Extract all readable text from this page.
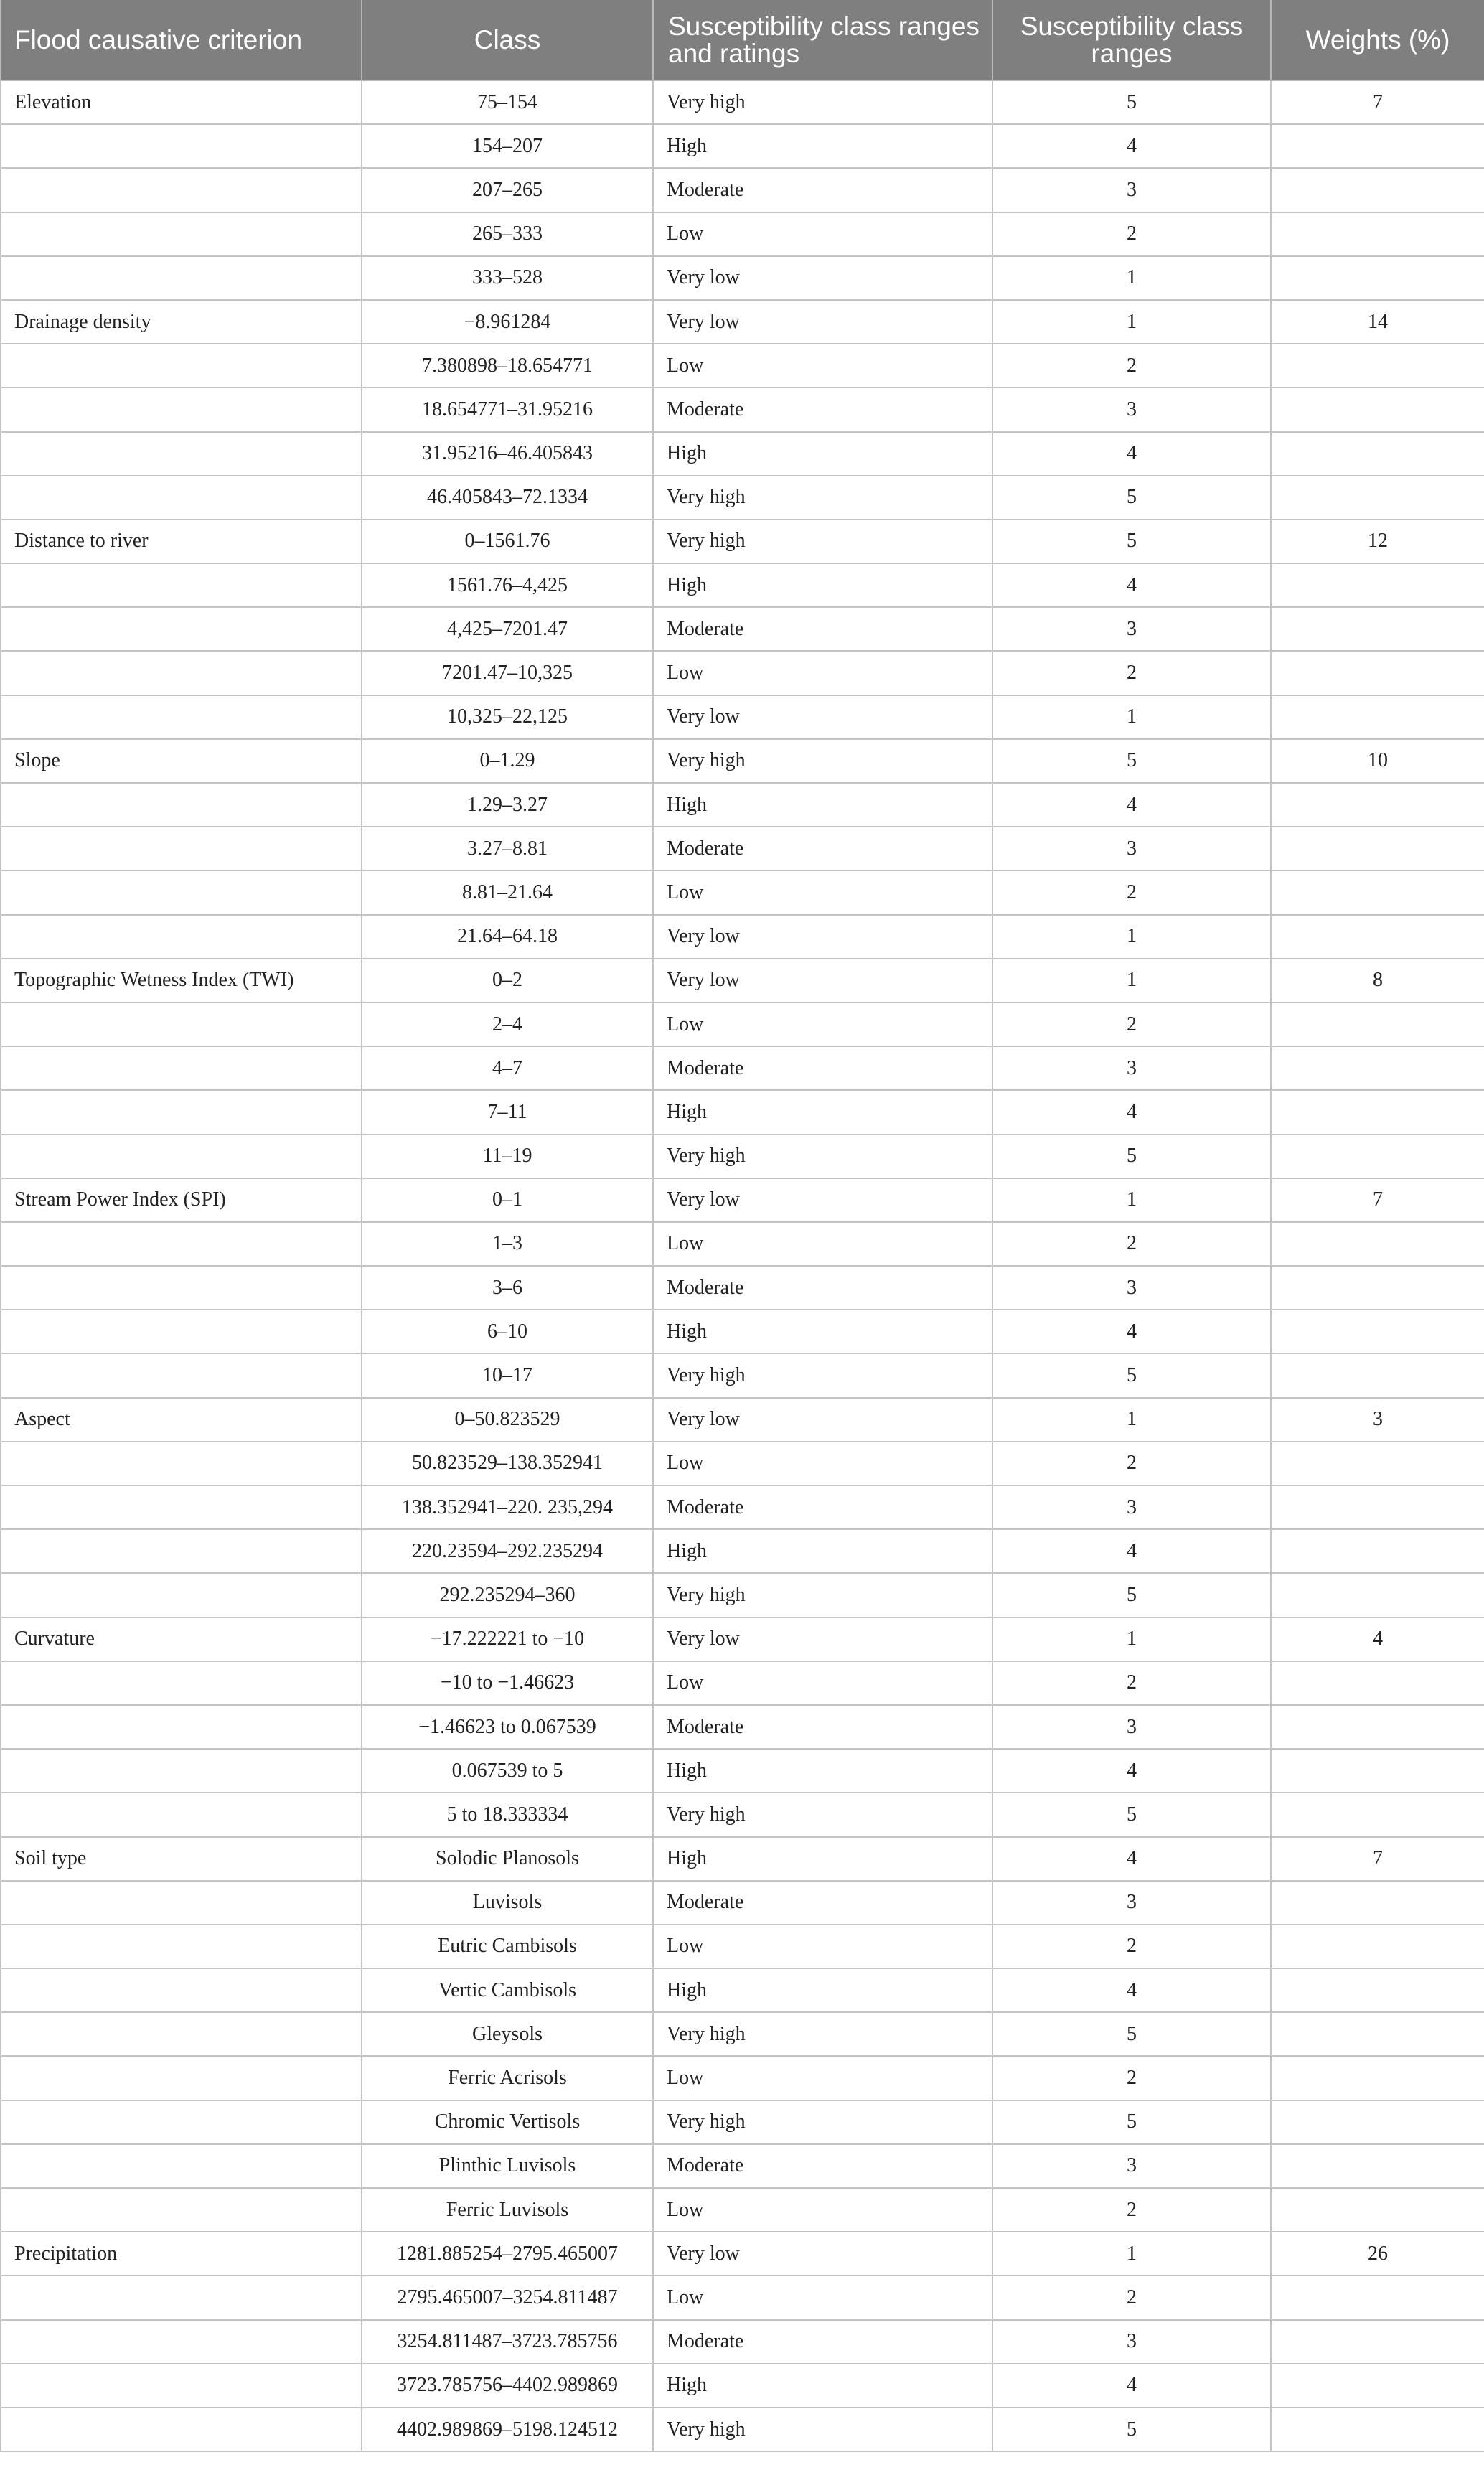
Flood causative criterion	Class	Susceptibility class ranges and ratings	Susceptibility class ranges	Weights (%)
Elevation	75–154	Very high	5	7
	154–207	High	4	
	207–265	Moderate	3	
	265–333	Low	2	
	333–528	Very low	1	
Drainage density	−8.961284	Very low	1	14
	7.380898–18.654771	Low	2	
	18.654771–31.95216	Moderate	3	
	31.95216–46.405843	High	4	
	46.405843–72.1334	Very high	5	
Distance to river	0–1561.76	Very high	5	12
	1561.76–4,425	High	4	
	4,425–7201.47	Moderate	3	
	7201.47–10,325	Low	2	
	10,325–22,125	Very low	1	
Slope	0–1.29	Very high	5	10
	1.29–3.27	High	4	
	3.27–8.81	Moderate	3	
	8.81–21.64	Low	2	
	21.64–64.18	Very low	1	
Topographic Wetness Index (TWI)	0–2	Very low	1	8
	2–4	Low	2	
	4–7	Moderate	3	
	7–11	High	4	
	11–19	Very high	5	
Stream Power Index (SPI)	0–1	Very low	1	7
	1–3	Low	2	
	3–6	Moderate	3	
	6–10	High	4	
	10–17	Very high	5	
Aspect	0–50.823529	Very low	1	3
	50.823529–138.352941	Low	2	
	138.352941–220. 235,294	Moderate	3	
	220.23594–292.235294	High	4	
	292.235294–360	Very high	5	
Curvature	−17.222221 to −10	Very low	1	4
	−10 to −1.46623	Low	2	
	−1.46623 to 0.067539	Moderate	3	
	0.067539 to 5	High	4	
	5 to 18.333334	Very high	5	
Soil type	Solodic Planosols	High	4	7
	Luvisols	Moderate	3	
	Eutric Cambisols	Low	2	
	Vertic Cambisols	High	4	
	Gleysols	Very high	5	
	Ferric Acrisols	Low	2	
	Chromic Vertisols	Very high	5	
	Plinthic Luvisols	Moderate	3	
	Ferric Luvisols	Low	2	
Precipitation	1281.885254–2795.465007	Very low	1	26
	2795.465007–3254.811487	Low	2	
	3254.811487–3723.785756	Moderate	3	
	3723.785756–4402.989869	High	4	
	4402.989869–5198.124512	Very high	5	
